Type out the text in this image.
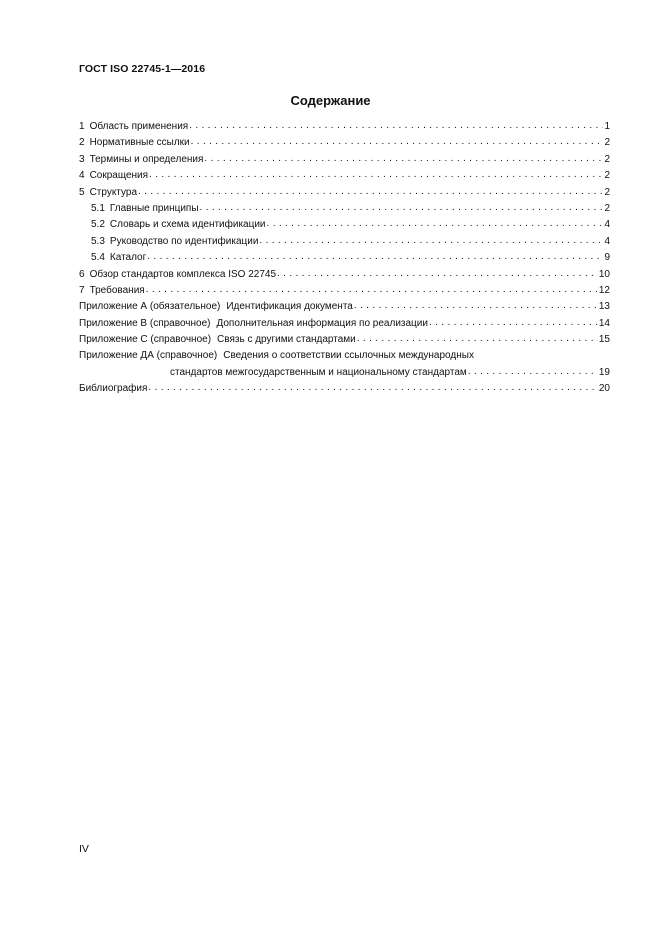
ГОСТ ISO 22745-1—2016
Содержание
1 Область применения . . .	1
2 Нормативные ссылки . . .	2
3 Термины и определения . . .	2
4 Сокращения . . .	2
5 Структура . . .	2
5.1 Главные принципы . . .	2
5.2 Словарь и схема идентификации . . .	4
5.3 Руководство по идентификации . . .	4
5.4 Каталог . . .	9
6 Обзор стандартов комплекса ISO 22745 . . .	10
7 Требования . . .	12
Приложение А (обязательное) Идентификация документа . . .	13
Приложение В (справочное) Дополнительная информация по реализации . . .	14
Приложение С (справочное) Связь с другими стандартами . . .	15
Приложение ДА (справочное) Сведения о соответствии ссылочных международных
стандартов межгосударственным и национальному стандартам . . .	19
Библиография . . .	20
IV
